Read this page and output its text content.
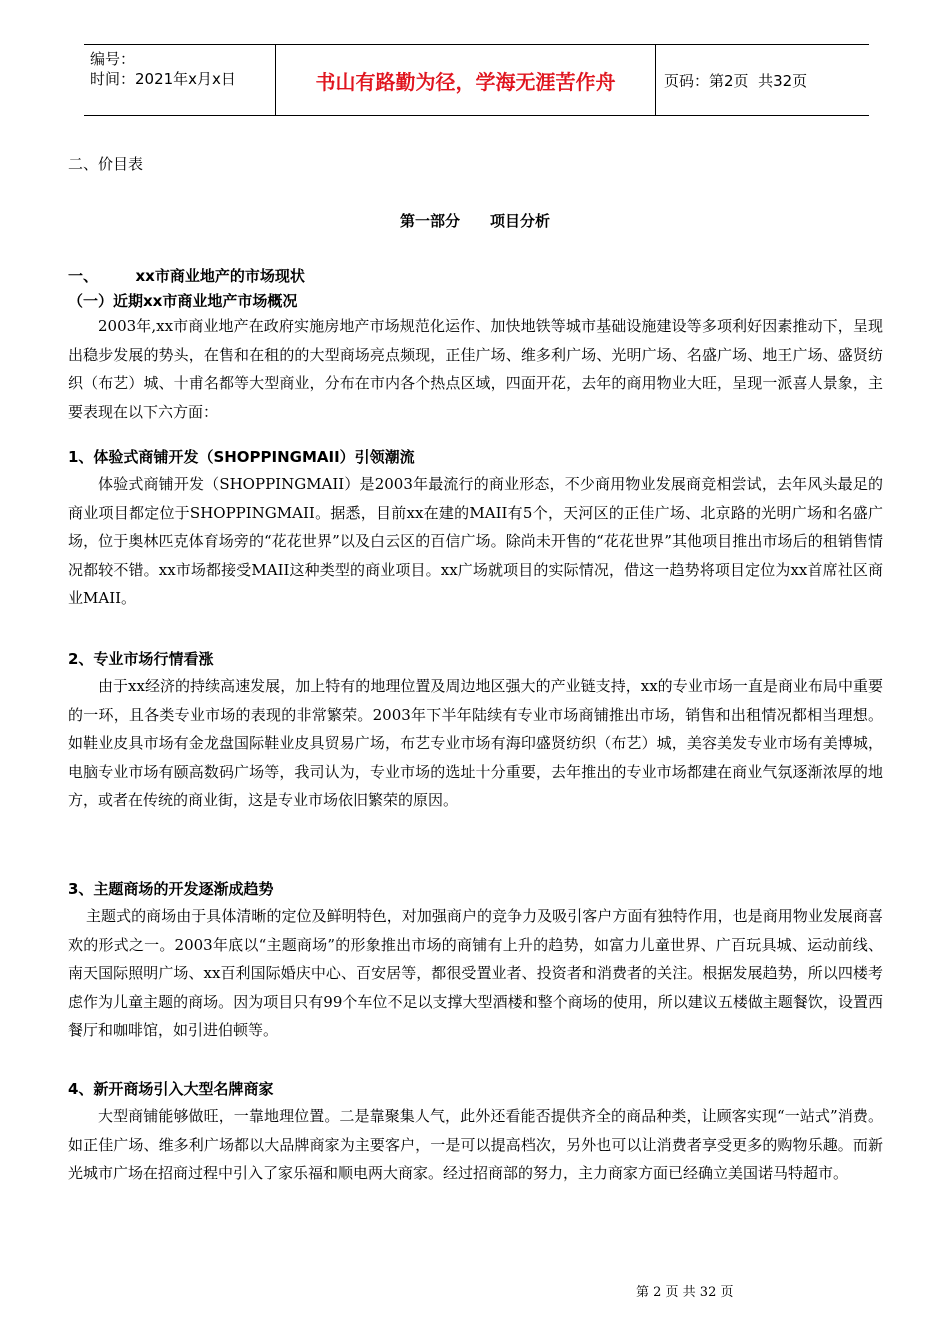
编号：
时间：2021年x月x日	书山有路勤为径，学海无涯苦作舟	页码：第2页  共32页
二、价目表
第一部分　　项目分析
一、　　　xx市商业地产的市场现状
（一）近期xx市商业地产市场概况
2003年,xx市商业地产在政府实施房地产市场规范化运作、加快地铁等城市基础设施建设等多项利好因素推动下，呈现出稳步发展的势头，在售和在租的的大型商场亮点频现，正佳广场、维多利广场、光明广场、名盛广场、地王广场、盛贤纺织（布艺）城、十甫名都等大型商业，分布在市内各个热点区域，四面开花，去年的商用物业大旺，呈现一派喜人景象，主要表现在以下六方面：
1、体验式商铺开发（SHOPPINGMAII）引领潮流
体验式商铺开发（SHOPPINGMAII）是2003年最流行的商业形态，不少商用物业发展商竞相尝试，去年风头最足的商业项目都定位于SHOPPINGMAII。据悉，目前xx在建的MAII有5个，天河区的正佳广场、北京路的光明广场和名盛广场，位于奥林匹克体育场旁的“花花世界”以及白云区的百信广场。除尚未开售的“花花世界”其他项目推出市场后的租销售情况都较不错。xx市场都接受MAII这种类型的商业项目。xx广场就项目的实际情况，借这一趋势将项目定位为xx首席社区商业MAII。
2、专业市场行情看涨
由于xx经济的持续高速发展，加上特有的地理位置及周边地区强大的产业链支持，xx的专业市场一直是商业布局中重要的一环，且各类专业市场的表现的非常繁荣。2003年下半年陆续有专业市场商铺推出市场，销售和出租情况都相当理想。如鞋业皮具市场有金龙盘国际鞋业皮具贸易广场，布艺专业市场有海印盛贤纺织（布艺）城，美容美发专业市场有美博城，电脑专业市场有颐高数码广场等，我司认为，专业市场的选址十分重要，去年推出的专业市场都建在商业气氛逐渐浓厚的地方，或者在传统的商业街，这是专业市场依旧繁荣的原因。
3、主题商场的开发逐渐成趋势
主题式的商场由于具体清晰的定位及鲜明特色，对加强商户的竞争力及吸引客户方面有独特作用，也是商用物业发展商喜欢的形式之一。2003年底以“主题商场”的形象推出市场的商铺有上升的趋势，如富力儿童世界、广百玩具城、运动前线、南天国际照明广场、xx百利国际婚庆中心、百安居等，都很受置业者、投资者和消费者的关注。根据发展趋势，所以四楼考虑作为儿童主题的商场。因为项目只有99个车位不足以支撑大型酒楼和整个商场的使用，所以建议五楼做主题餐饮，设置西餐厅和咖啡馆，如引进伯顿等。
4、新开商场引入大型名牌商家
大型商铺能够做旺，一靠地理位置。二是靠聚集人气，此外还看能否提供齐全的商品种类，让顾客实现“一站式”消费。如正佳广场、维多利广场都以大品牌商家为主要客户，一是可以提高档次，另外也可以让消费者享受更多的购物乐趣。而新光城市广场在招商过程中引入了家乐福和顺电两大商家。经过招商部的努力，主力商家方面已经确立美国诺马特超市。
第 2 页 共 32 页
